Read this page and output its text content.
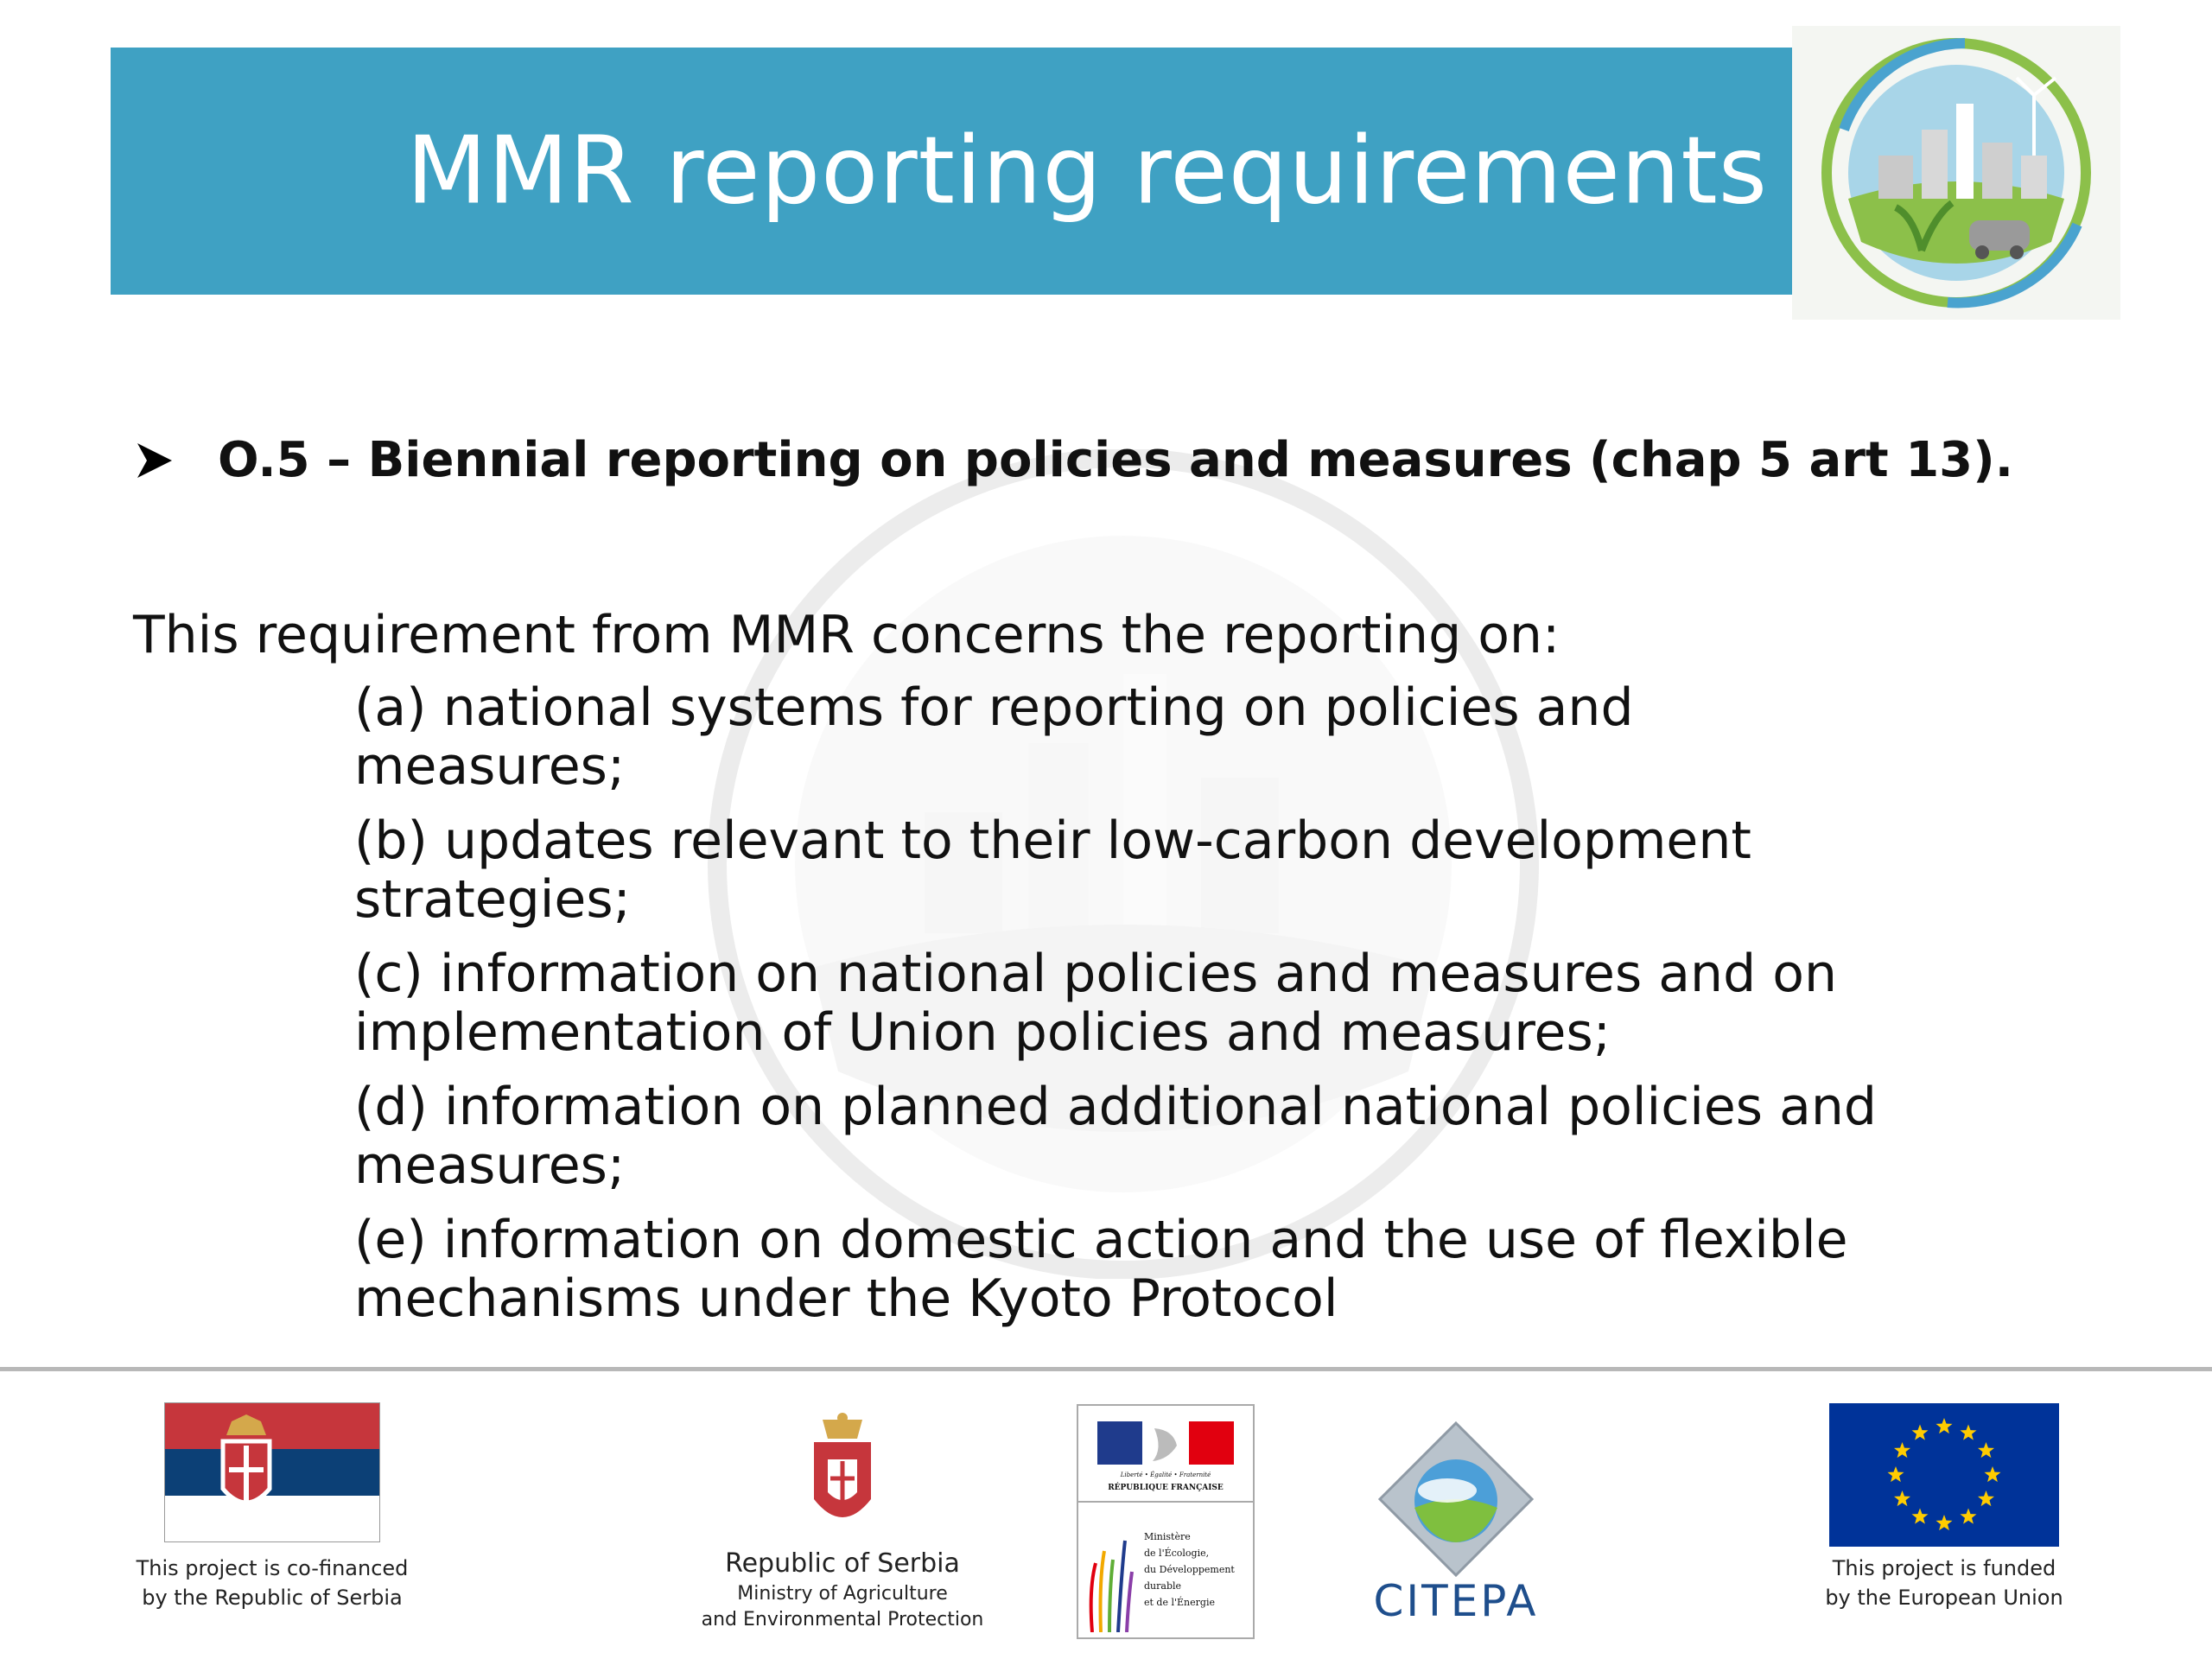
MMR reporting requirements
O.5 – Biennial reporting on policies and measures (chap 5 art 13).
This requirement from MMR concerns the reporting on:
(a) national systems for reporting on policies and measures;
(b) updates relevant to their low-carbon development strategies;
(c) information on national policies and measures and on implementation of Union policies and measures;
(d) information on planned additional national policies and measures;
(e) information on domestic action and the use of flexible mechanisms under the Kyoto Protocol
This project is co-financed
by the Republic of Serbia
Republic of Serbia
Ministry of Agriculture
and Environmental Protection
Liberté • Égalité • Fraternité
RÉPUBLIQUE FRANÇAISE
Ministère
de l'Écologie,
du Développement
durable
et de l'Énergie	CITEPA
This project is funded
by the European Union
